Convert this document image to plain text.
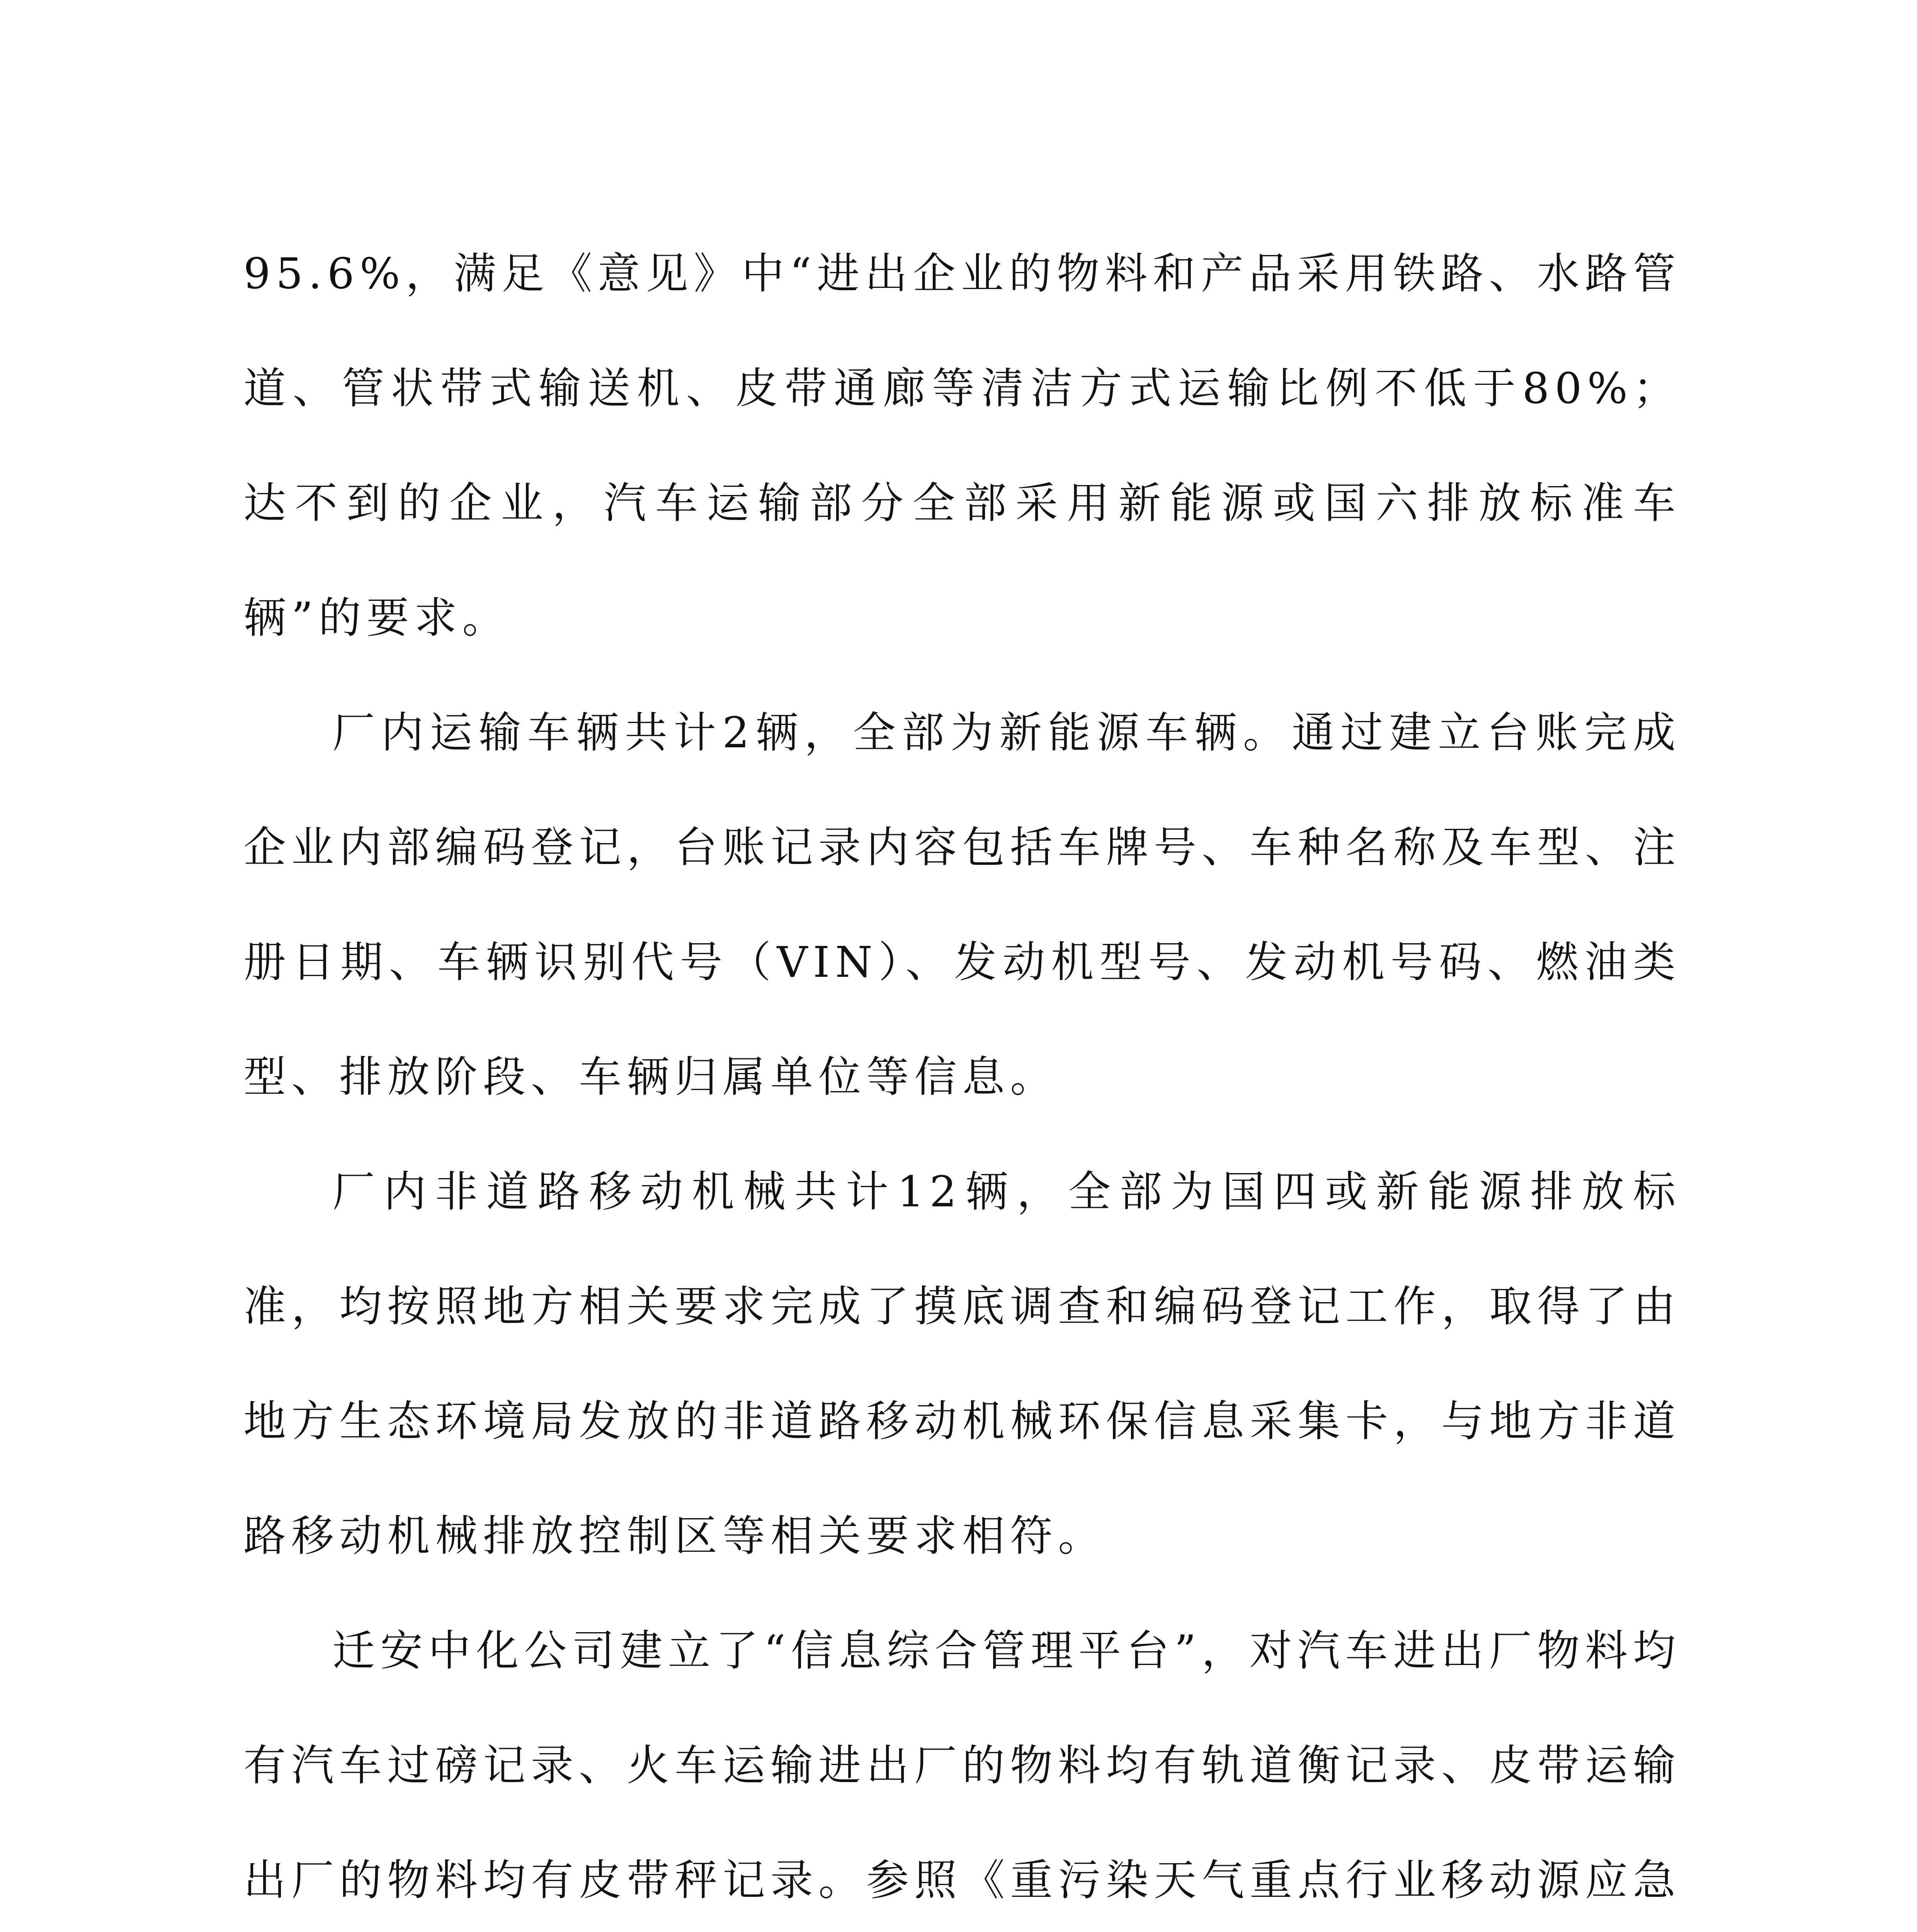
95.6%，满足《意见》中“进出企业的物料和产品采用铁路、水路管道、管状带式输送机、皮带通廊等清洁方式运输比例不低于80%；达不到的企业，汽车运输部分全部采用新能源或国六排放标准车辆”的要求。

厂内运输车辆共计2辆，全部为新能源车辆。通过建立台账完成企业内部编码登记，台账记录内容包括车牌号、车种名称及车型、注册日期、车辆识别代号（VIN）、发动机型号、发动机号码、燃油类型、排放阶段、车辆归属单位等信息。

厂内非道路移动机械共计12辆，全部为国四或新能源排放标准，均按照地方相关要求完成了摸底调查和编码登记工作，取得了由地方生态环境局发放的非道路移动机械环保信息采集卡，与地方非道路移动机械排放控制区等相关要求相符。

迁安中化公司建立了“信息综合管理平台”，对汽车进出厂物料均有汽车过磅记录、火车运输进出厂的物料均有轨道衡记录、皮带运输出厂的物料均有皮带秤记录。参照《重污染天气重点行业移动源应急
